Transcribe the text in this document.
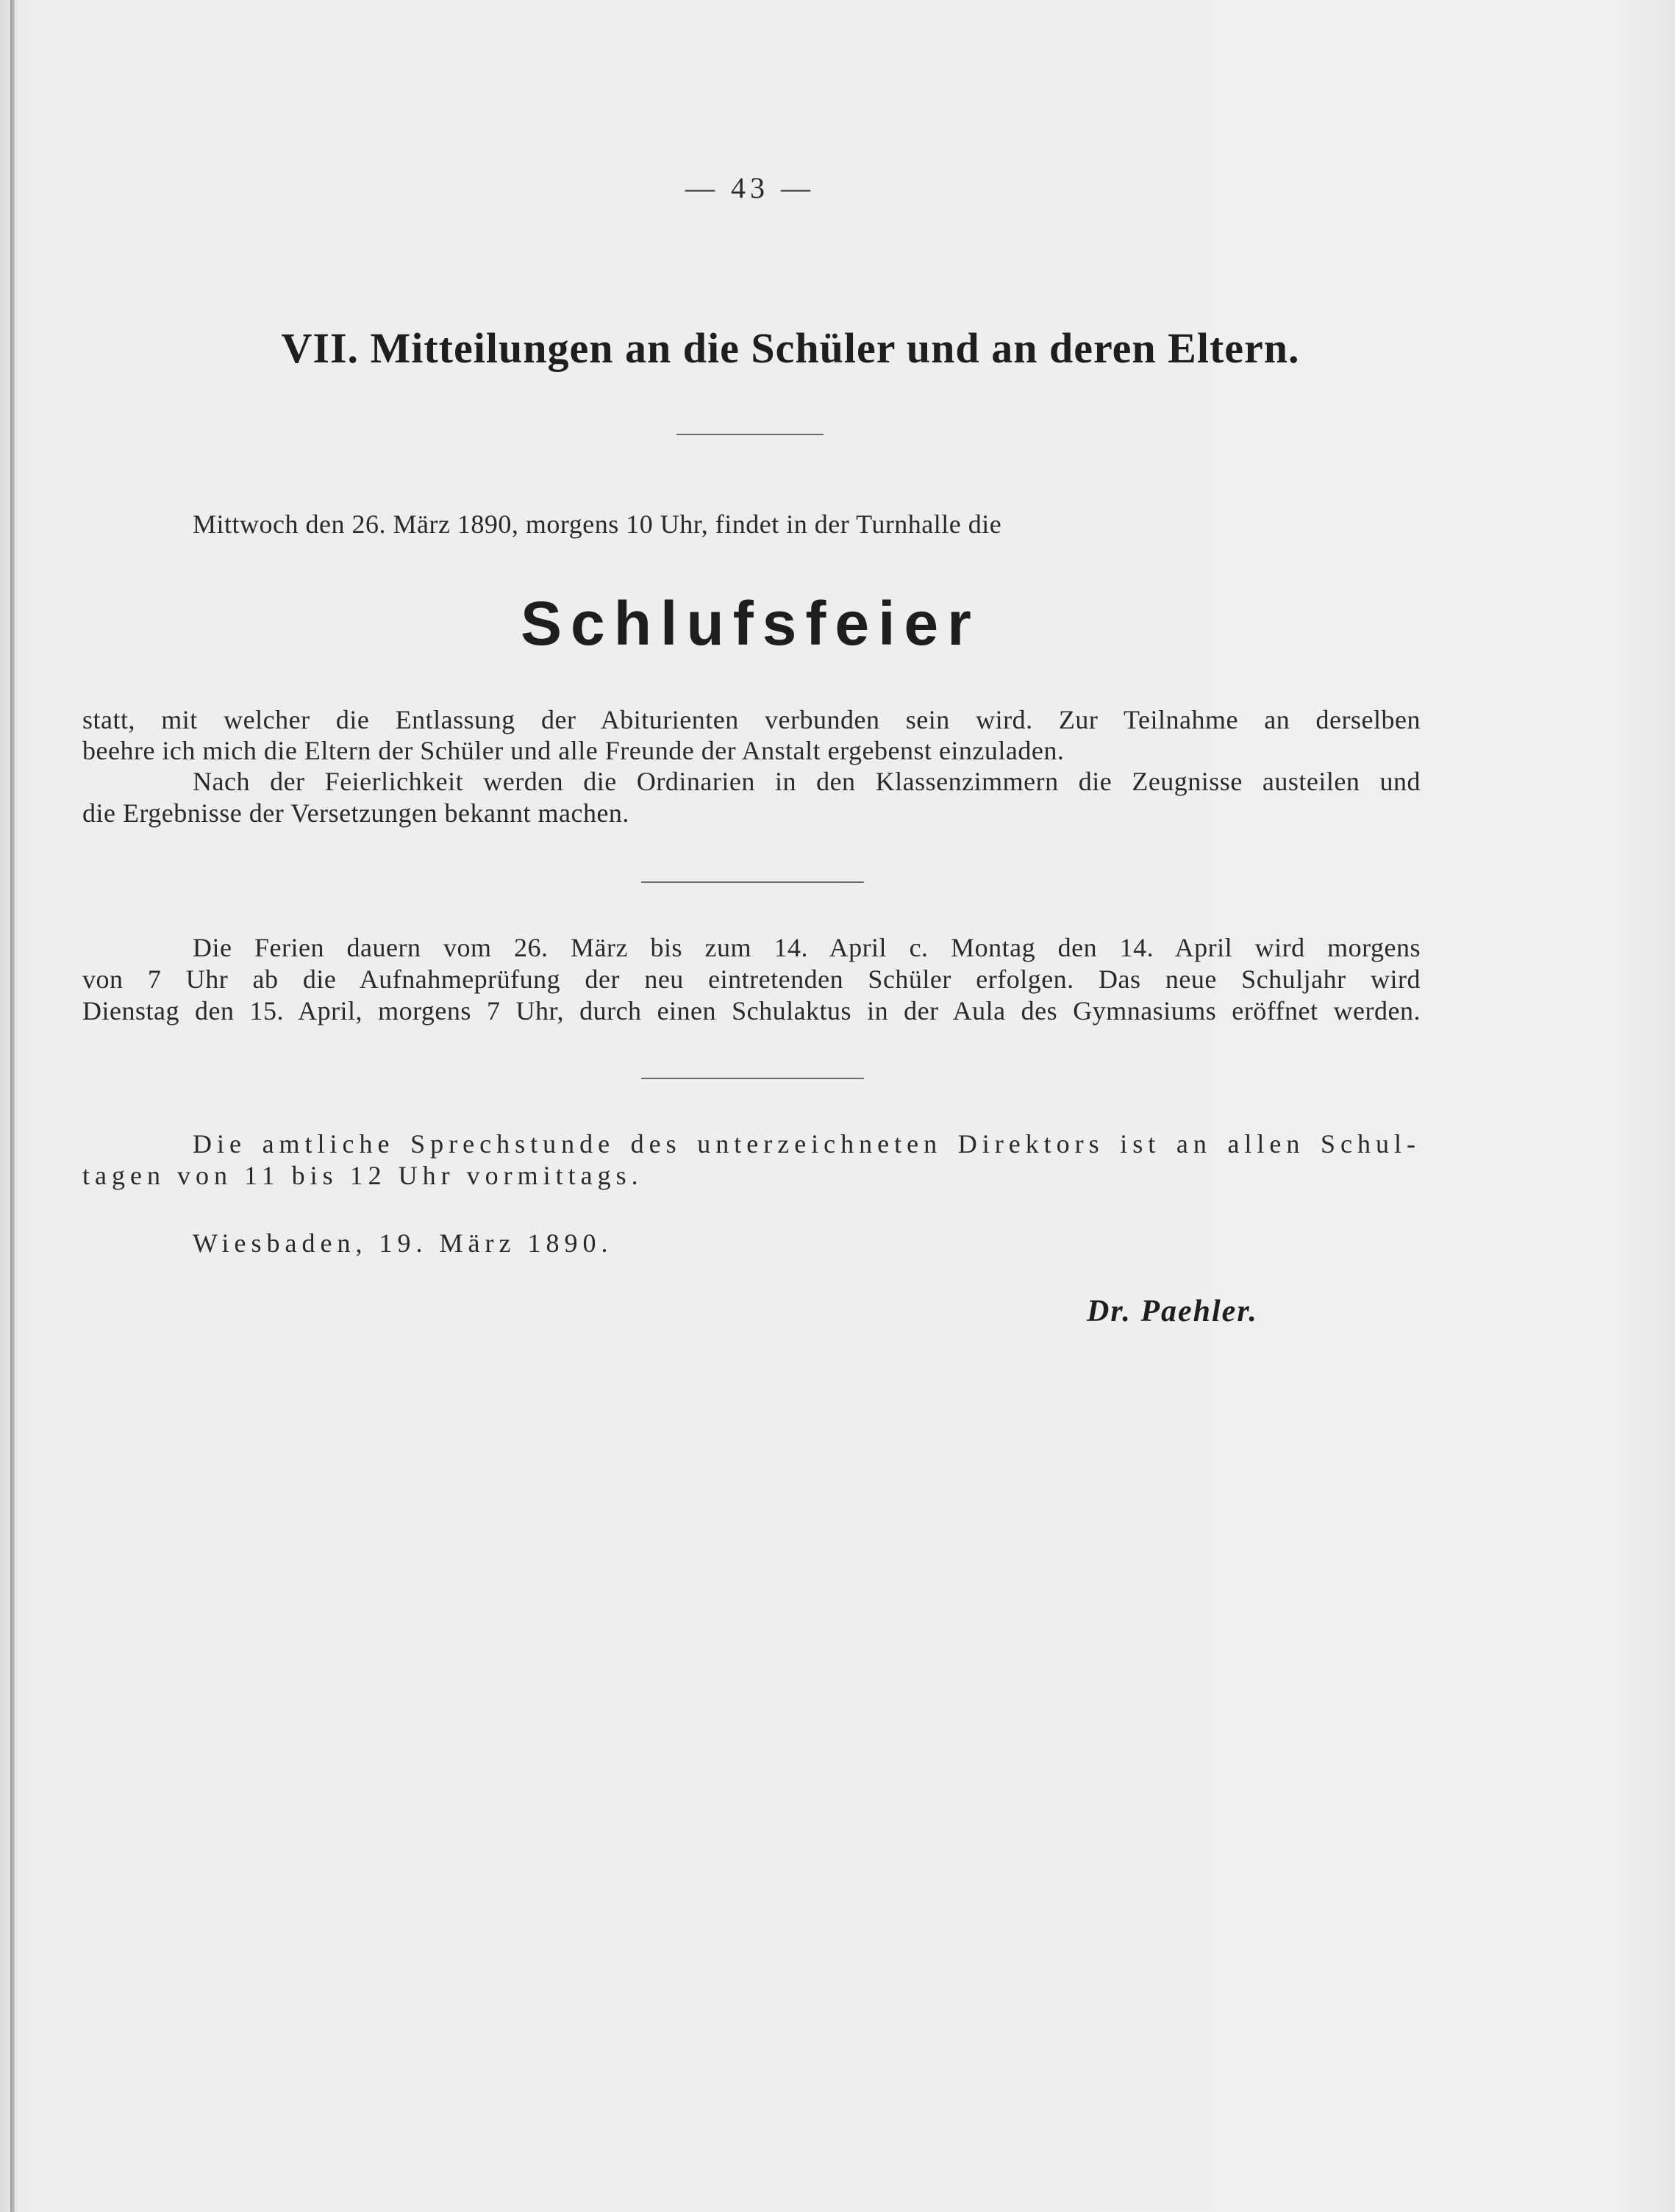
— 43 —
VII. Mitteilungen an die Schüler und an deren Eltern.
Mittwoch den 26. März 1890, morgens 10 Uhr, findet in der Turnhalle die
Schlufsfeier
statt, mit welcher die Entlassung der Abiturienten verbunden sein wird. Zur Teilnahme an derselben
beehre ich mich die Eltern der Schüler und alle Freunde der Anstalt ergebenst einzuladen.
Nach der Feierlichkeit werden die Ordinarien in den Klassenzimmern die Zeugnisse austeilen und
die Ergebnisse der Versetzungen bekannt machen.
Die Ferien dauern vom 26. März bis zum 14. April c. Montag den 14. April wird morgens
von 7 Uhr ab die Aufnahmeprüfung der neu eintretenden Schüler erfolgen. Das neue Schuljahr wird
Dienstag den 15. April, morgens 7 Uhr, durch einen Schulaktus in der Aula des Gymnasiums eröffnet werden.
Die amtliche Sprechstunde des unterzeichneten Direktors ist an allen Schul-
tagen von 11 bis 12 Uhr vormittags.
Wiesbaden, 19. März 1890.
Dr. Paehler.
